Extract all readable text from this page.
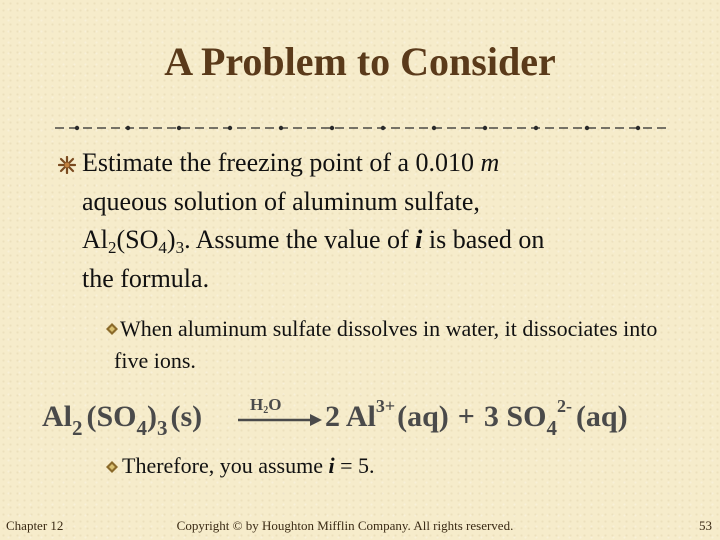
A Problem to Consider
Estimate the freezing point of a 0.010 m
aqueous solution of aluminum sulfate,
$Al_2(SO_4)_3$. Assume the value of i is based on
the formula.
When aluminum sulfate dissolves in water, it dissociates into five ions.
$Al_2$ $(SO_4)_3$ (s)	H2O 2 $Al^{3+}(aq) + 3$ $SO_4^{2-}$ (aq)
Therefore, you assume i = 5.
Chapter 12	Copyright © by Houghton Mifflin Company. All rights reserved.	53
